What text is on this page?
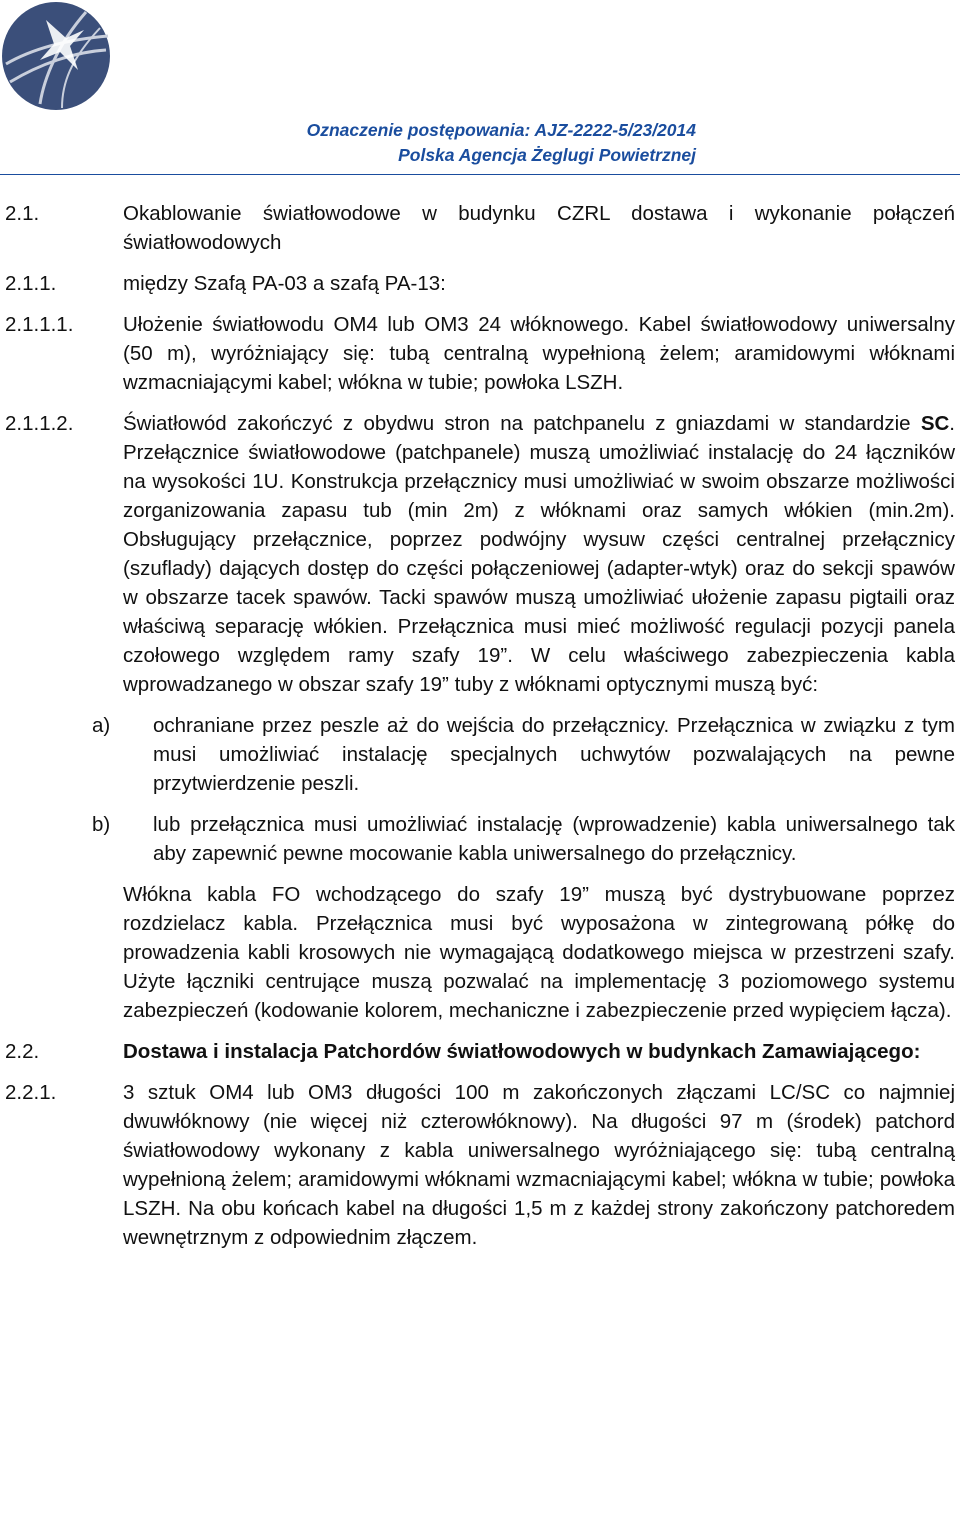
Oznaczenie postępowania: AJZ-2222-5/23/2014
Polska Agencja Żeglugi Powietrznej
2.1.	Okablowanie światłowodowe w budynku CZRL dostawa i wykonanie połączeń światłowodowych
2.1.1.	między Szafą PA-03 a szafą PA-13:
2.1.1.1. Ułożenie światłowodu OM4 lub OM3 24 włóknowego. Kabel światłowodowy uniwersalny (50 m), wyróżniający się: tubą centralną wypełnioną żelem; aramidowymi włóknami wzmacniającymi kabel; włókna w tubie; powłoka LSZH.
2.1.1.2. Światłowód zakończyć z obydwu stron na patchpanelu z gniazdami w standardzie SC. Przełącznice światłowodowe (patchpanele) muszą umożliwiać instalację do 24 łączników na wysokości 1U. Konstrukcja przełącznicy musi umożliwiać w swoim obszarze możliwości zorganizowania zapasu tub (min 2m) z włóknami oraz samych włókien (min.2m). Obsługujący przełącznice, poprzez podwójny wysuw części centralnej przełącznicy (szuflady) dających dostęp do części połączeniowej (adapter-wtyk) oraz do sekcji spawów w obszarze tacek spawów. Tacki spawów muszą umożliwiać ułożenie zapasu pigtaili oraz właściwą separację włókien. Przełącznica musi mieć możliwość regulacji pozycji panela czołowego względem ramy szafy 19”. W celu właściwego zabezpieczenia kabla wprowadzanego w obszar szafy 19” tuby z włóknami optycznymi muszą być:
a) ochraniane przez peszle aż do wejścia do przełącznicy. Przełącznica w związku z tym musi umożliwiać instalację specjalnych uchwytów pozwalających na pewne przytwierdzenie peszli.
b) lub przełącznica musi umożliwiać instalację (wprowadzenie) kabla uniwersalnego tak aby zapewnić pewne mocowanie kabla uniwersalnego do przełącznicy.
Włókna kabla FO wchodzącego do szafy 19” muszą być dystrybuowane poprzez rozdzielacz kabla. Przełącznica musi być wyposażona w zintegrowaną półkę do prowadzenia kabli krosowych nie wymagającą dodatkowego miejsca w przestrzeni szafy. Użyte łączniki centrujące muszą pozwalać na implementację 3 poziomowego systemu zabezpieczeń (kodowanie kolorem, mechaniczne i zabezpieczenie przed wypięciem łącza).
2.2.	Dostawa i instalacja Patchordów światłowodowych w budynkach Zamawiającego:
2.2.1.	3 sztuk OM4 lub OM3 długości 100 m zakończonych złączami LC/SC co najmniej dwuwłóknowy (nie więcej niż czterowłóknowy). Na długości 97 m (środek) patchord światłowodowy wykonany z kabla uniwersalnego wyróżniającego się: tubą centralną wypełnioną żelem; aramidowymi włóknami wzmacniającymi kabel; włókna w tubie; powłoka LSZH. Na obu końcach kabel na długości 1,5 m z każdej strony zakończony patchoredem wewnętrznym z odpowiednim złączem.
